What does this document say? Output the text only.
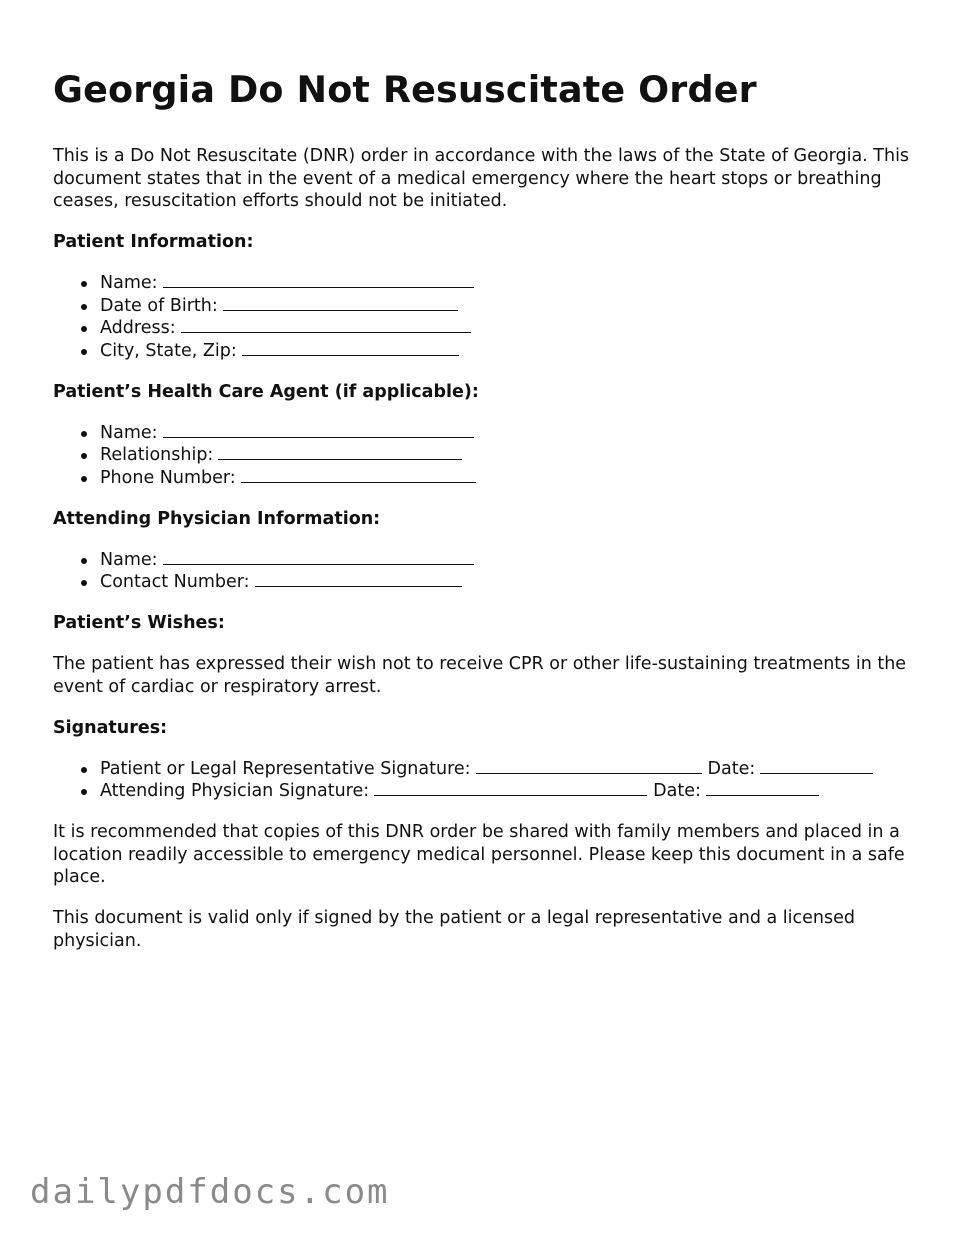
Georgia Do Not Resuscitate Order

This is a Do Not Resuscitate (DNR) order in accordance with the laws of the State of Georgia. This document states that in the event of a medical emergency where the heart stops or breathing ceases, resuscitation efforts should not be initiated.

Patient Information:
Name:
Date of Birth:
Address:
City, State, Zip:
Patient’s Health Care Agent (if applicable):
Name:
Relationship:
Phone Number:
Attending Physician Information:
Name:
Contact Number:
Patient’s Wishes:

The patient has expressed their wish not to receive CPR or other life-sustaining treatments in the event of cardiac or respiratory arrest.

Signatures:
Patient or Legal Representative Signature:	Date:
Attending Physician Signature:	Date:

It is recommended that copies of this DNR order be shared with family members and placed in a location readily accessible to emergency medical personnel. Please keep this document in a safe place.

This document is valid only if signed by the patient or a legal representative and a licensed physician.

dailypdfdocs.com
